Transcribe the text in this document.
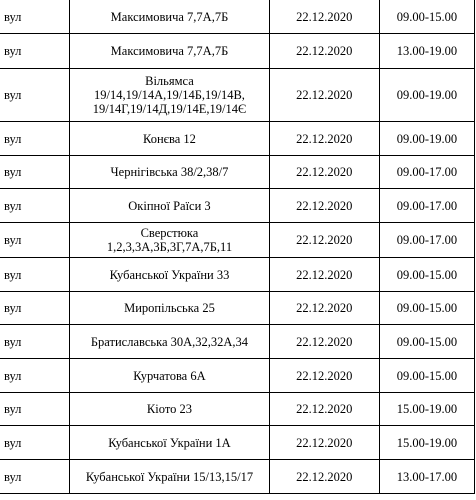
вул	Максимовича 7,7А,7Б	22.12.2020	09.00-15.00
вул	Максимовича 7,7А,7Б	22.12.2020	13.00-19.00
вул	Вільямса
19/14,19/14А,19/14Б,19/14В,
19/14Г,19/14Д,19/14Е,19/14Є	22.12.2020	09.00-19.00
вул	Конєва 12	22.12.2020	09.00-19.00
вул	Чернігівська 38/2,38/7	22.12.2020	09.00-17.00
вул	Окіпної Раїси 3	22.12.2020	09.00-17.00
вул	Сверстюка
1,2,3,3А,3Б,3Г,7А,7Б,11	22.12.2020	09.00-17.00
вул	Кубанської України 33	22.12.2020	09.00-15.00
вул	Миропільська 25	22.12.2020	09.00-15.00
вул	Братиславська 30А,32,32А,34	22.12.2020	09.00-15.00
вул	Курчатова 6А	22.12.2020	09.00-15.00
вул	Кіото 23	22.12.2020	15.00-19.00
вул	Кубанської України 1А	22.12.2020	15.00-19.00
вул	Кубанської України 15/13,15/17	22.12.2020	13.00-17.00
